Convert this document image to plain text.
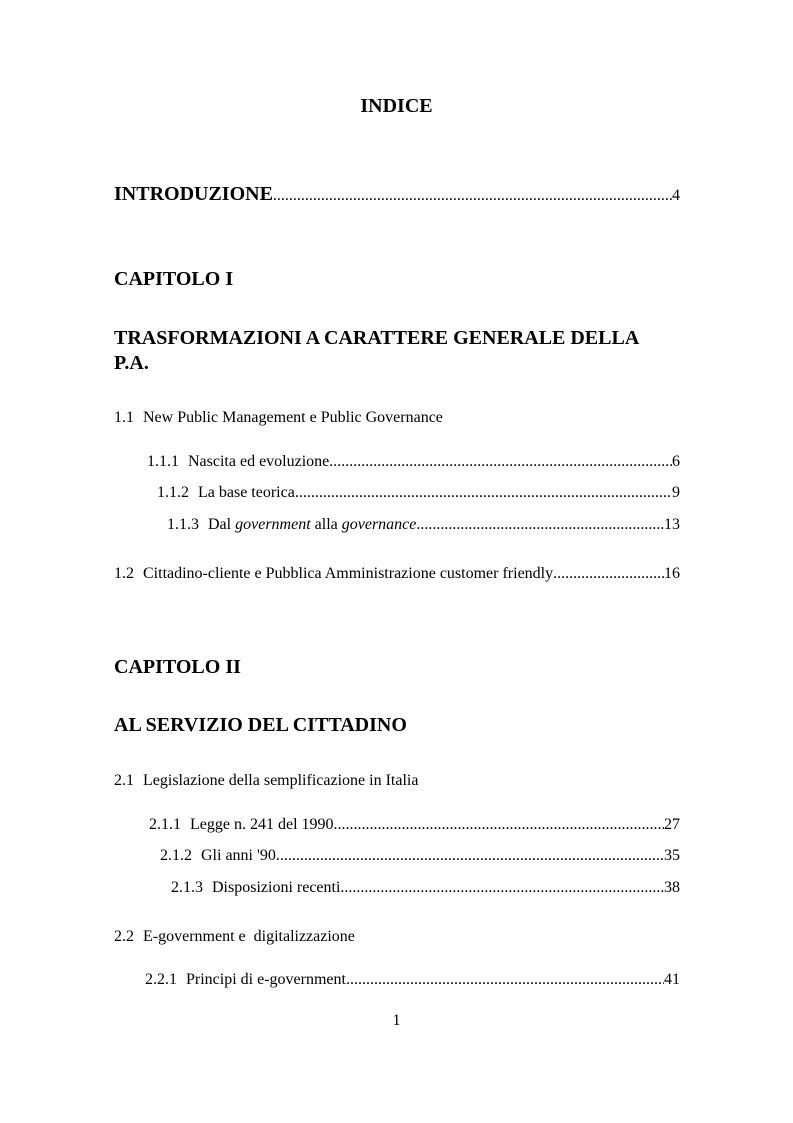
INDICE
INTRODUZIONE .....	4
CAPITOLO I
TRASFORMAZIONI A CARATTERE GENERALE DELLA
P.A.
1.1 New Public Management e Public Governance
1.1.1 Nascita ed evoluzione .....	6
1.1.2 La base teorica .....	9
1.1.3 Dal government alla governance .....	13
1.2 Cittadino-cliente e Pubblica Amministrazione customer friendly .....	16
CAPITOLO II
AL SERVIZIO DEL CITTADINO
2.1 Legislazione della semplificazione in Italia
2.1.1 Legge n. 241 del 1990 .....	27
2.1.2 Gli anni '90 .....	35
2.1.3 Disposizioni recenti .....	38
2.2 E-government e  digitalizzazione
2.2.1 Principi di e-government .....	41
1
